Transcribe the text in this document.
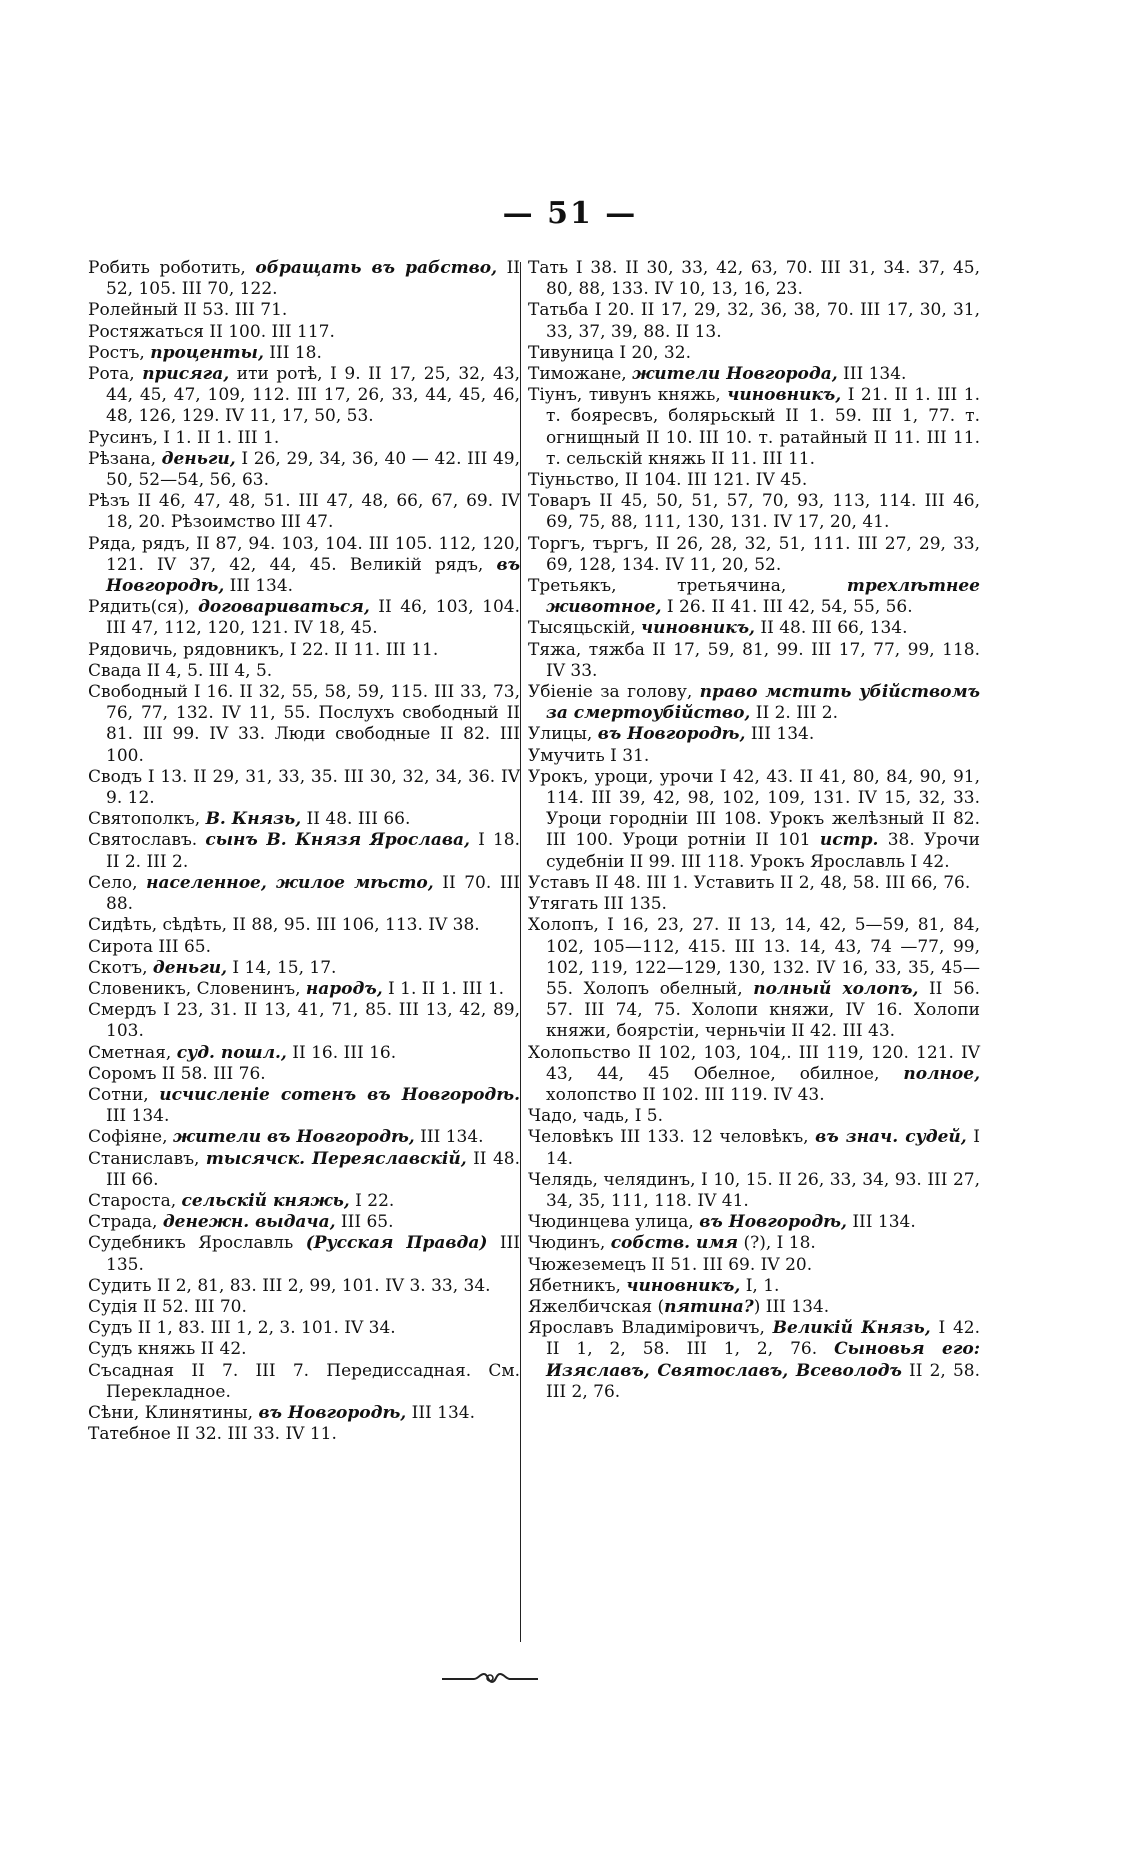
— 51 —

Робить роботить, обращать въ рабство, II 52, 105. III 70, 122.

Ролейный II 53. III 71.

Ростяжаться II 100. III 117.

Ростъ, проценты, III 18.

Рота, присяга, ити ротѣ, I 9. II 17, 25, 32, 43, 44, 45, 47, 109, 112. III 17, 26, 33, 44, 45, 46, 48, 126, 129. IV 11, 17, 50, 53.

Русинъ, I 1. II 1. III 1.

Рѣзана, деньги, I 26, 29, 34, 36, 40 — 42. III 49, 50, 52—54, 56, 63.

Рѣзъ II 46, 47, 48, 51. III 47, 48, 66, 67, 69. IV 18, 20. Рѣзоимство III 47.

Ряда, рядъ, II 87, 94. 103, 104. III 105. 112, 120, 121. IV 37, 42, 44, 45. Великій рядъ, въ Новгородѣ, III 134.

Рядить(ся), договариваться, II 46, 103, 104. III 47, 112, 120, 121. IV 18, 45.

Рядовичь, рядовникъ, I 22. II 11. III 11.

Свада II 4, 5. III 4, 5.

Свободный I 16. II 32, 55, 58, 59, 115. III 33, 73, 76, 77, 132. IV 11, 55. Послухъ свободный II 81. III 99. IV 33. Люди свободные II 82. III 100.

Сводъ I 13. II 29, 31, 33, 35. III 30, 32, 34, 36. IV 9. 12.

Святополкъ, В. Князь, II 48. III 66.

Святославъ. сынъ В. Князя Ярослава, I 18. II 2. III 2.

Село, населенное, жилое мѣсто, II 70. III 88.

Сидѣть, сѣдѣть, II 88, 95. III 106, 113. IV 38.

Сирота III 65.

Скотъ, деньги, I 14, 15, 17.

Словеникъ, Словенинъ, народъ, I 1. II 1. III 1.

Смердъ I 23, 31. II 13, 41, 71, 85. III 13, 42, 89, 103.

Сметная, суд. пошл., II 16. III 16.

Соромъ II 58. III 76.

Сотни, исчисленіе сотенъ въ Новгородѣ. III 134.

Софіяне, жители въ Новгородѣ, III 134.

Станиславъ, тысячск. Переяславскій, II 48. III 66.

Староста, сельскій княжь, I 22.

Страда, денежн. выдача, III 65.

Судебникъ Ярославль (Русская Правда) III 135.

Судить II 2, 81, 83. III 2, 99, 101. IV 3. 33, 34.

Судія II 52. III 70.

Судъ II 1, 83. III 1, 2, 3. 101. IV 34.

Судъ княжь II 42.

Съсадная II 7. III 7. Передиссадная. См. Перекладное.

Сѣни, Клинятины, въ Новгородѣ, III 134.

Татебное II 32. III 33. IV 11.

Тать I 38. II 30, 33, 42, 63, 70. III 31, 34. 37, 45, 80, 88, 133. IV 10, 13, 16, 23.

Татьба I 20. II 17, 29, 32, 36, 38, 70. III 17, 30, 31, 33, 37, 39, 88. II 13.

Тивуница I 20, 32.

Тиможане, жители Новгорода, III 134.

Тіунъ, тивунъ княжь, чиновникъ, I 21. II 1. III 1. т. бояресвъ, болярьскый II 1. 59. III 1, 77. т. огнищный II 10. III 10. т. ратайный II 11. III 11. т. сельскій княжь II 11. III 11.

Тіуньство, II 104. III 121. IV 45.

Товаръ II 45, 50, 51, 57, 70, 93, 113, 114. III 46, 69, 75, 88, 111, 130, 131. IV 17, 20, 41.

Торгъ, търгъ, II 26, 28, 32, 51, 111. III 27, 29, 33, 69, 128, 134. IV 11, 20, 52.

Третьякъ, третьячина, трехлѣтнее животное, I 26. II 41. III 42, 54, 55, 56.

Тысяцьскій, чиновникъ, II 48. III 66, 134.

Тяжа, тяжба II 17, 59, 81, 99. III 17, 77, 99, 118. IV 33.

Убіеніе за голову, право мстить убійствомъ за смертоубійство, II 2. III 2.

Улицы, въ Новгородѣ, III 134.

Умучить I 31.

Урокъ, уроци, урочи I 42, 43. II 41, 80, 84, 90, 91, 114. III 39, 42, 98, 102, 109, 131. IV 15, 32, 33. Уроци городнiи III 108. Урокъ желѣзный II 82. III 100. Уроци ротнiи II 101 истр. 38. Урочи судебнiи II 99. III 118. Урокъ Ярославль I 42.

Уставъ II 48. III 1. Уставить II 2, 48, 58. III 66, 76.

Утягать III 135.

Холопъ, I 16, 23, 27. II 13, 14, 42, 5—59, 81, 84, 102, 105—112, 415. III 13. 14, 43, 74 —77, 99, 102, 119, 122—129, 130, 132. IV 16, 33, 35, 45—55. Холопъ обелный, полный холопъ, II 56. 57. III 74, 75. Холопи княжи, IV 16. Холопи княжи, боярстіи, черньчіи II 42. III 43.

Холопьство II 102, 103, 104,. III 119, 120. 121. IV 43, 44, 45 Обелное, обилное, полное, холопство II 102. III 119. IV 43.

Чадо, чадь, I 5.

Человѣкъ III 133. 12 человѣкъ, въ знач. судей, I 14.

Челядь, челядинъ, I 10, 15. II 26, 33, 34, 93. III 27, 34, 35, 111, 118. IV 41.

Чюдинцева улица, въ Новгородѣ, III 134.

Чюдинъ, собств. имя (?), I 18.

Чюжеземецъ II 51. III 69. IV 20.

Ябетникъ, чиновникъ, I, 1.

Яжелбичская (пятина?) III 134.

Ярославъ Владимiровичъ, Великій Князь, I 42. II 1, 2, 58. III 1, 2, 76. Сыновья его: Изяславъ, Святославъ, Всеволодъ II 2, 58. III 2, 76.
